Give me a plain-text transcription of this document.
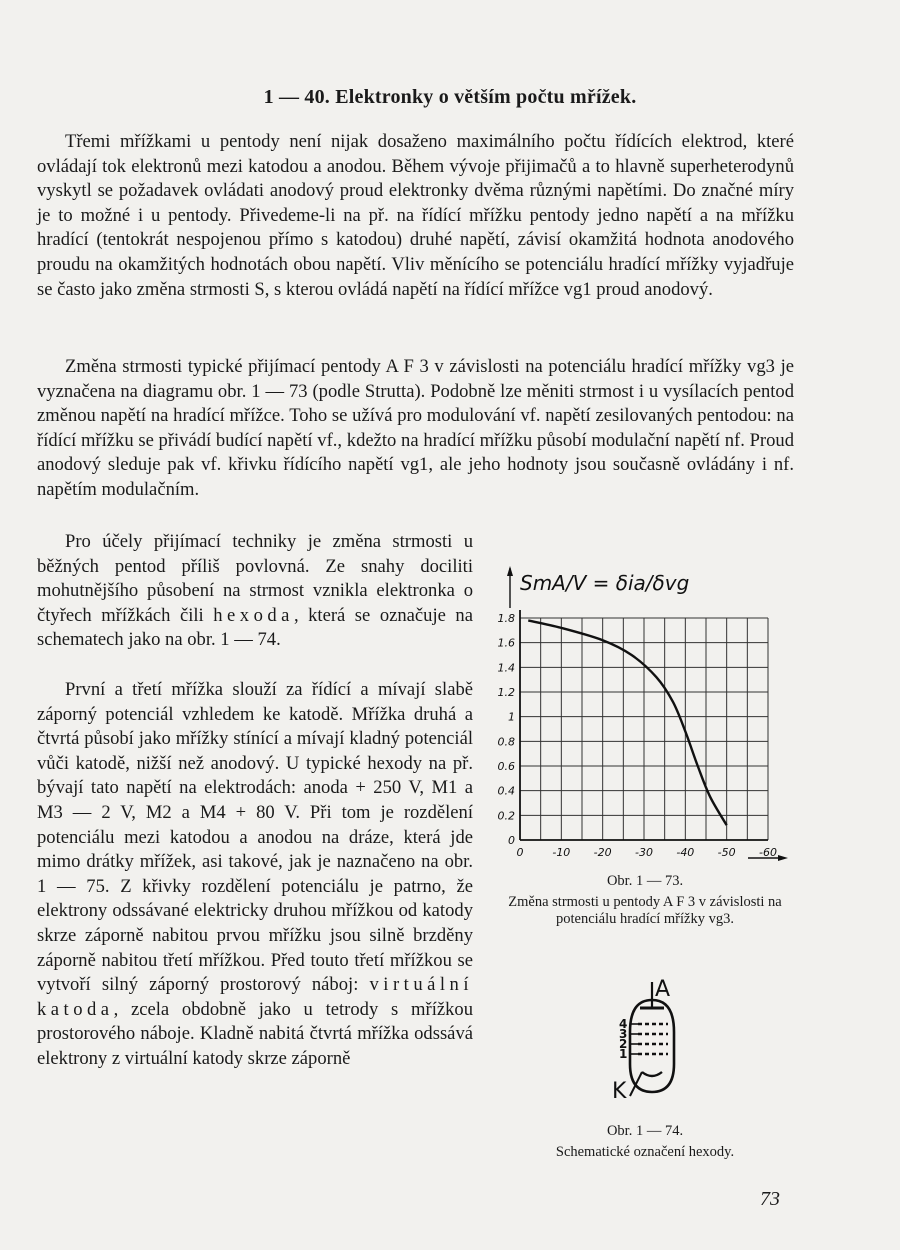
1 — 40. Elektronky o větším počtu mřížek.

Třemi mřížkami u pentody není nijak dosaženo maximálního počtu řídících elektrod, které ovládají tok elektronů mezi katodou a anodou. Během vývoje přijimačů a to hlavně superheterodynů vyskytl se požadavek ovládati anodový proud elektronky dvěma různými napětími. Do značné míry je to možné i u pentody. Přivedeme-li na př. na řídící mřížku pentody jedno napětí a na mřížku hradící (tentokrát nespojenou přímo s katodou) druhé napětí, závisí okamžitá hodnota anodového proudu na okamžitých hodnotách obou napětí. Vliv měnícího se potenciálu hradící mřížky vyjadřuje se často jako změna strmosti S, s kterou ovládá napětí na řídící mřížce vg1 proud anodový.

Změna strmosti typické přijímací pentody A F 3 v závislosti na potenciálu hradící mřížky vg3 je vyznačena na diagramu obr. 1 — 73 (podle Strutta). Podobně lze měniti strmost i u vysílacích pentod změnou napětí na hradící mřížce. Toho se užívá pro modulování vf. napětí zesilovaných pentodou: na řídící mřížku se přivádí budící napětí vf., kdežto na hradící mřížku působí modulační napětí nf. Proud anodový sleduje pak vf. křivku řídícího napětí vg1, ale jeho hodnoty jsou současně ovládány i nf. napětím modulačním.

Pro účely přijímací techniky je změna strmosti u běžných pentod příliš povlovná. Ze snahy dociliti mohutnějšího působení na strmost vznikla elektronka o čtyřech mřížkách čili hexoda, která se označuje na schematech jako na obr. 1 — 74.

První a třetí mřížka slouží za řídící a mívají slabě záporný potenciál vzhledem ke katodě. Mřížka druhá a čtvrtá působí jako mřížky stínící a mívají kladný potenciál vůči katodě, nižší než anodový. U typické hexody na př. bývají tato napětí na elektrodách: anoda + 250 V, M1 a M3 — 2 V, M2 a M4 + 80 V. Při tom je rozdělení potenciálu mezi katodou a anodou na dráze, která jde mimo drátky mřížek, asi takové, jak je naznačeno na obr. 1 — 75. Z křivky rozdělení potenciálu je patrno, že elektrony odssávané elektricky druhou mřížkou od katody skrze záporně nabitou prvou mřížku jsou silně brzděny záporně nabitou třetí mřížkou. Před touto třetí mřížkou se vytvoří silný záporný prostorový náboj: virtuální katoda, zcela obdobně jako u tetrody s mřížkou prostorového náboje. Kladně nabitá čtvrtá mřížka odssává elektrony z virtuální katody skrze záporně

1.8
1.6
1.4
1.2
1
0.8
0.6
0.4
0.2
0
0	-10 -20 -30 -40 -50 -60
SmA/V = δia/δvg
Obr. 1 — 73.
Změna strmosti u pentody A F 3 v závislosti na potenciálu hradící mřížky vg3.
A
4
3
2
1
K
Obr. 1 — 74.
Schematické označení hexody.
73
